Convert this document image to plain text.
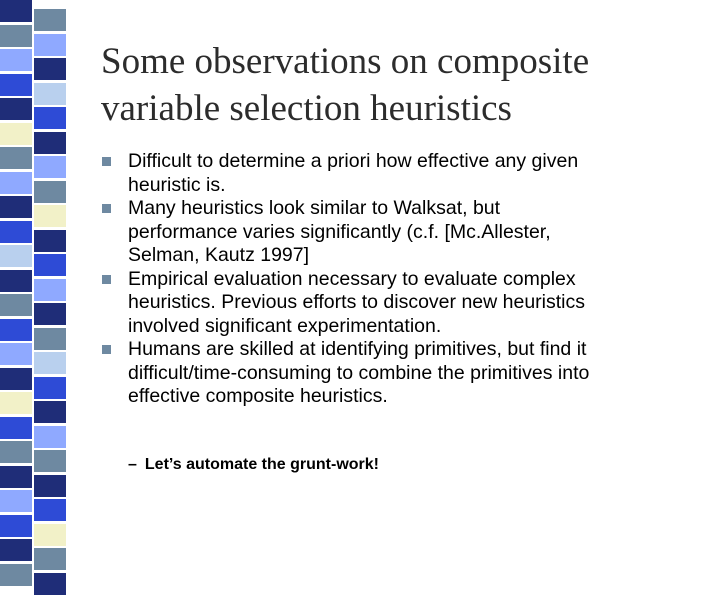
Some observations on composite
variable selection heuristics
Difficult to determine a priori how effective any given
heuristic is.
Many heuristics look similar to Walksat, but
performance varies significantly (c.f. [Mc.Allester,
Selman, Kautz 1997]
Empirical evaluation necessary to evaluate complex
heuristics. Previous efforts to discover new heuristics
involved significant experimentation.
Humans are skilled at identifying primitives, but find it
difficult/time-consuming to combine the primitives into
effective composite heuristics.
– Let’s automate the grunt-work!
